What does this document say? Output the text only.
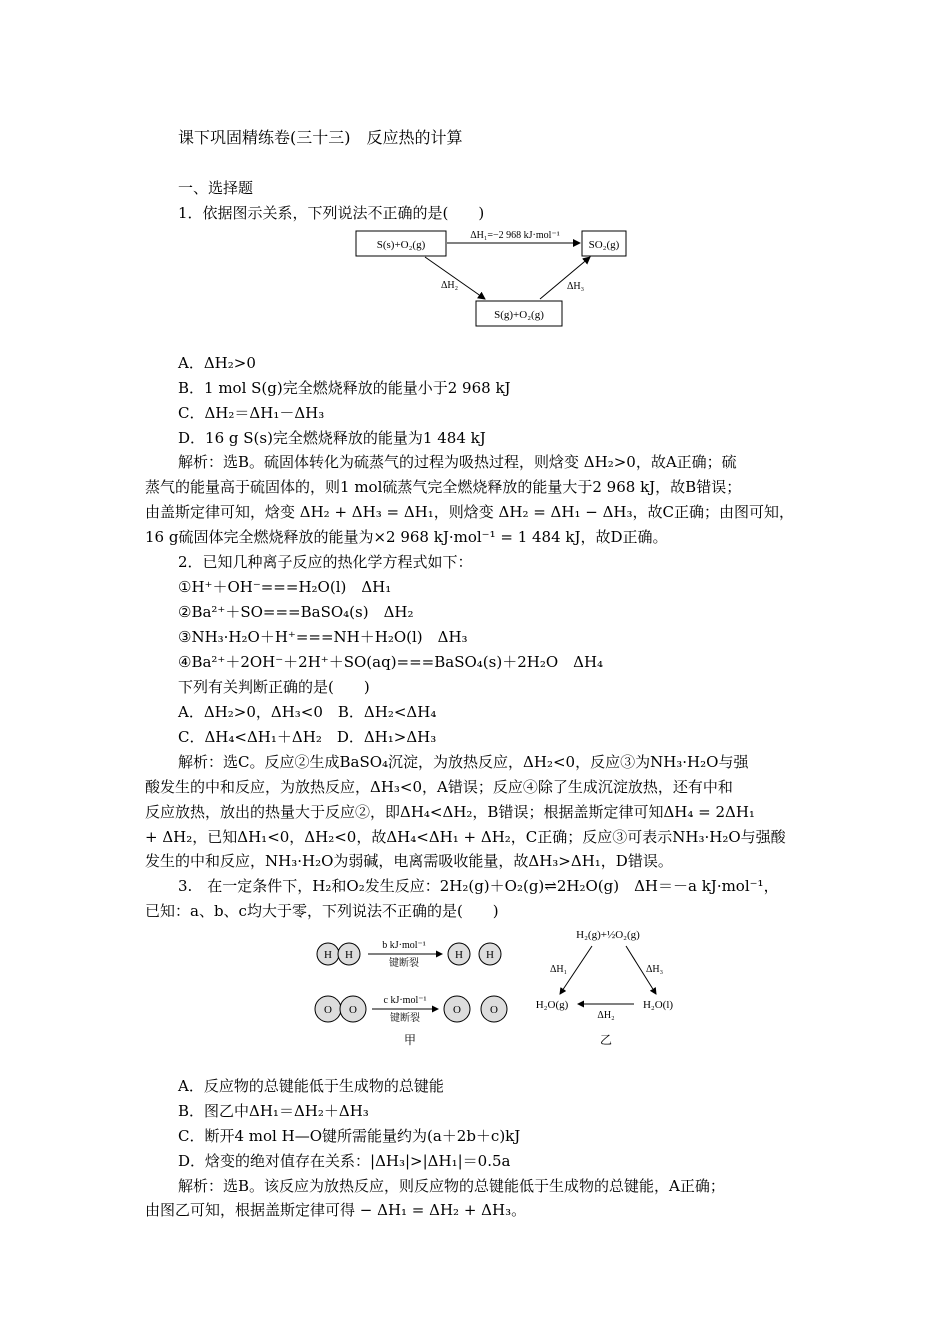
课下巩固精练卷(三十三)　反应热的计算
一、选择题
1．依据图示关系，下列说法不正确的是(　　)
S(s)+O₂(g)	SO₂(g)
S(g)+O₂(g)
ΔH₁=−2 968 kJ·mol⁻¹
ΔH₂	ΔH₃
A．ΔH₂>0
B．1 mol S(g)完全燃烧释放的能量小于2 968 kJ
C．ΔH₂＝ΔH₁－ΔH₃
D．16 g S(s)完全燃烧释放的能量为1 484 kJ
解析：选B。硫固体转化为硫蒸气的过程为吸热过程，则焓变 ΔH₂>0，故A正确；硫
蒸气的能量高于硫固体的，则1 mol硫蒸气完全燃烧释放的能量大于2 968 kJ，故B错误；
由盖斯定律可知，焓变 ΔH₂ + ΔH₃ = ΔH₁，则焓变 ΔH₂ = ΔH₁ − ΔH₃，故C正确；由图可知，
16 g硫固体完全燃烧释放的能量为×2 968 kJ·mol⁻¹ = 1 484 kJ，故D正确。
2．已知几种离子反应的热化学方程式如下：
①H⁺＋OH⁻===H₂O(l)　ΔH₁
②Ba²⁺＋SO===BaSO₄(s)　ΔH₂
③NH₃·H₂O＋H⁺===NH＋H₂O(l)　ΔH₃
④Ba²⁺＋2OH⁻＋2H⁺＋SO(aq)===BaSO₄(s)＋2H₂O　ΔH₄
下列有关判断正确的是(　　)
A．ΔH₂>0，ΔH₃<0　B．ΔH₂<ΔH₄
C．ΔH₄<ΔH₁＋ΔH₂　D．ΔH₁>ΔH₃
解析：选C。反应②生成BaSO₄沉淀，为放热反应，ΔH₂<0，反应③为NH₃·H₂O与强
酸发生的中和反应，为放热反应，ΔH₃<0，A错误；反应④除了生成沉淀放热，还有中和
反应放热，放出的热量大于反应②，即ΔH₄<ΔH₂，B错误；根据盖斯定律可知ΔH₄ = 2ΔH₁
+ ΔH₂，已知ΔH₁<0，ΔH₂<0，故ΔH₄<ΔH₁ + ΔH₂，C正确；反应③可表示NH₃·H₂O与强酸
发生的中和反应，NH₃·H₂O为弱碱，电离需吸收能量，故ΔH₃>ΔH₁，D错误。
3.　在一定条件下，H₂和O₂发生反应：2H₂(g)＋O₂(g)⇌2H₂O(g)　ΔH＝－a kJ·mol⁻¹，
已知：a、b、c均大于零，下列说法不正确的是(　　)
H H
b kJ·mol⁻¹
键断裂
H H
O O
c kJ·mol⁻¹
键断裂
O	O
甲
H₂(g)+½O₂(g)
H₂O(g)	H₂O(l)
ΔH₁	ΔH₃
ΔH₂
乙
A．反应物的总键能低于生成物的总键能
B．图乙中ΔH₁＝ΔH₂＋ΔH₃
C．断开4 mol H—O键所需能量约为(a＋2b＋c)kJ
D．焓变的绝对值存在关系：|ΔH₃|>|ΔH₁|＝0.5a
解析：选B。该反应为放热反应，则反应物的总键能低于生成物的总键能，A正确；
由图乙可知，根据盖斯定律可得 − ΔH₁ = ΔH₂ + ΔH₃。
